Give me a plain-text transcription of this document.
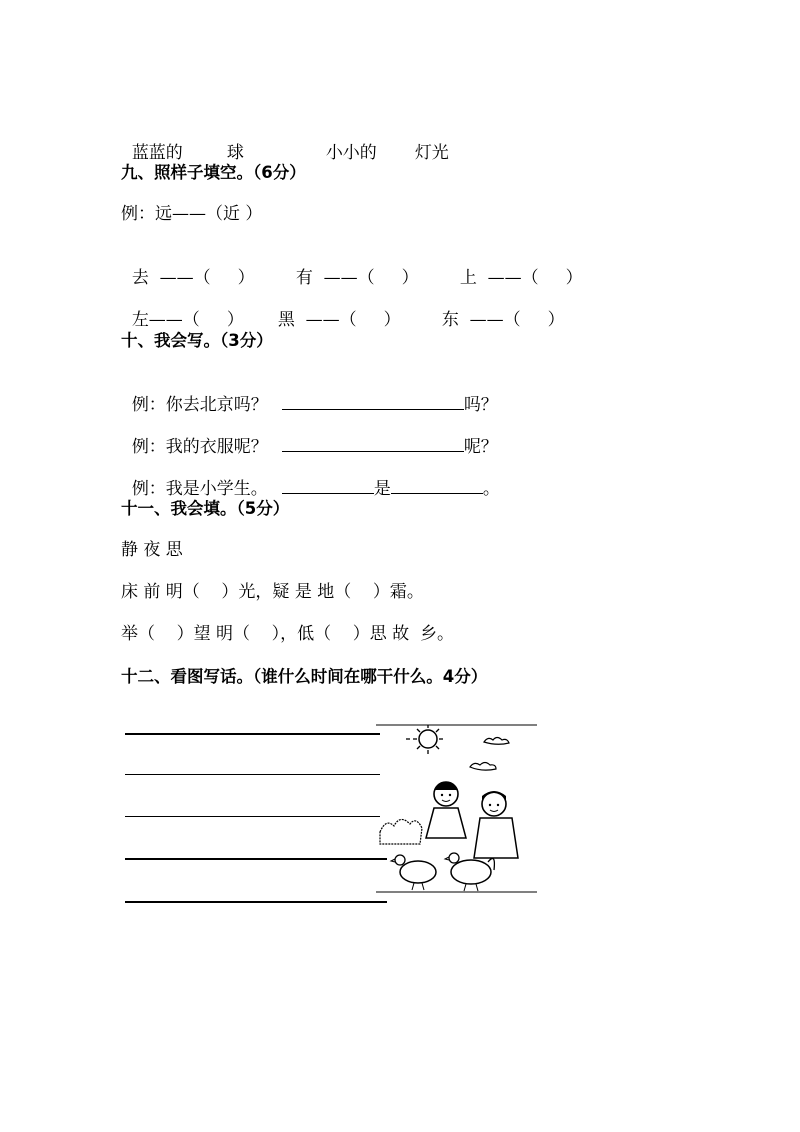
蓝蓝的	球	小小的 灯光

九、照样子填空。（6分）
例：远——（近 ）

去  ——（     ） 有  ——（     ） 上  ——（     ）

左——（     ） 黑  ——（     ） 东  ——（     ）

十、我会写。（3分）

例：你去北京吗？	吗？

例：我的衣服呢？	呢？

例：我是小学生。	是	。

十一、我会填。（5分）
静 夜 思
床 前 明（    ）光，疑 是 地（    ）霜。
举（    ）望 明（    ），低（    ）思 故  乡。
十二、看图写话。（谁什么时间在哪干什么。4分）
